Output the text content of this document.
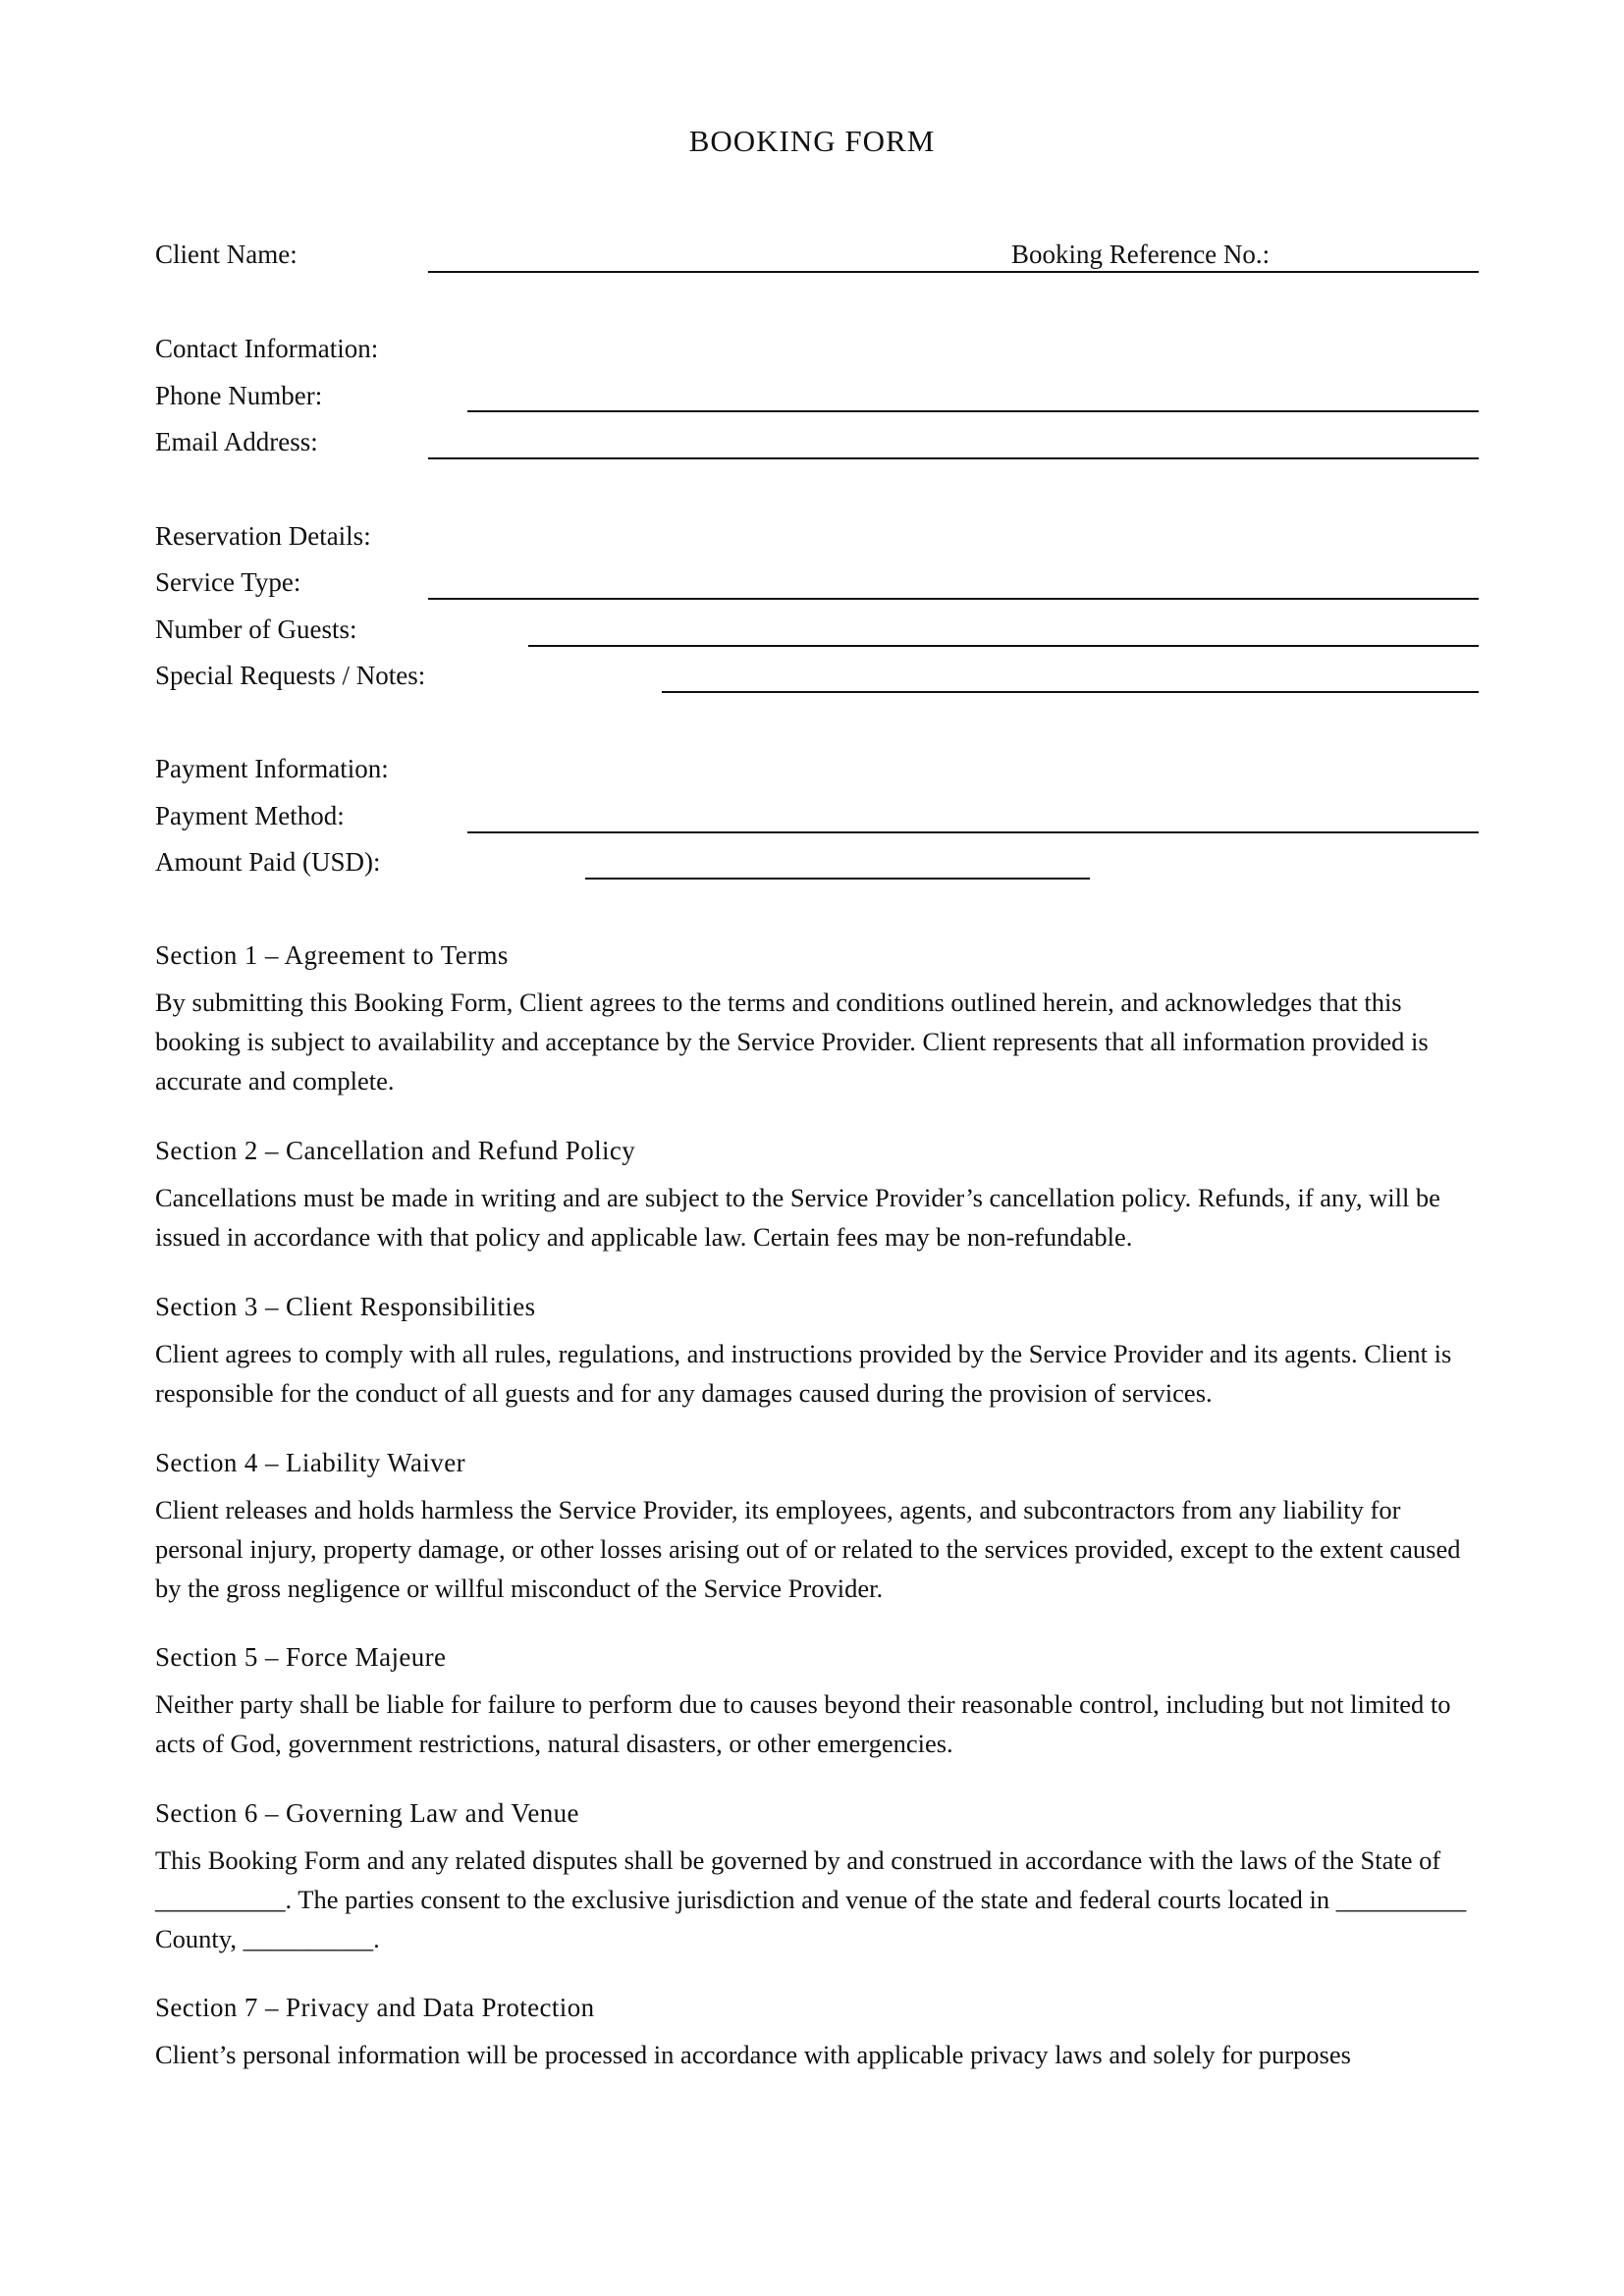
BOOKING FORM
Client Name:	Booking Reference No.:
Contact Information:
Phone Number:
Email Address:
Reservation Details:
Service Type:
Number of Guests:
Special Requests / Notes:
Payment Information:
Payment Method:
Amount Paid (USD):
Section 1 – Agreement to Terms
By submitting this Booking Form, Client agrees to the terms and conditions outlined herein, and acknowledges that this booking is subject to availability and acceptance by the Service Provider. Client represents that all information provided is accurate and complete.
Section 2 – Cancellation and Refund Policy
Cancellations must be made in writing and are subject to the Service Provider’s cancellation policy. Refunds, if any, will be issued in accordance with that policy and applicable law. Certain fees may be non-refundable.
Section 3 – Client Responsibilities
Client agrees to comply with all rules, regulations, and instructions provided by the Service Provider and its agents. Client is responsible for the conduct of all guests and for any damages caused during the provision of services.
Section 4 – Liability Waiver
Client releases and holds harmless the Service Provider, its employees, agents, and subcontractors from any liability for personal injury, property damage, or other losses arising out of or related to the services provided, except to the extent caused by the gross negligence or willful misconduct of the Service Provider.
Section 5 – Force Majeure
Neither party shall be liable for failure to perform due to causes beyond their reasonable control, including but not limited to acts of God, government restrictions, natural disasters, or other emergencies.
Section 6 – Governing Law and Venue
This Booking Form and any related disputes shall be governed by and construed in accordance with the laws of the State of __________. The parties consent to the exclusive jurisdiction and venue of the state and federal courts located in __________ County, __________.
Section 7 – Privacy and Data Protection
Client’s personal information will be processed in accordance with applicable privacy laws and solely for purposes
